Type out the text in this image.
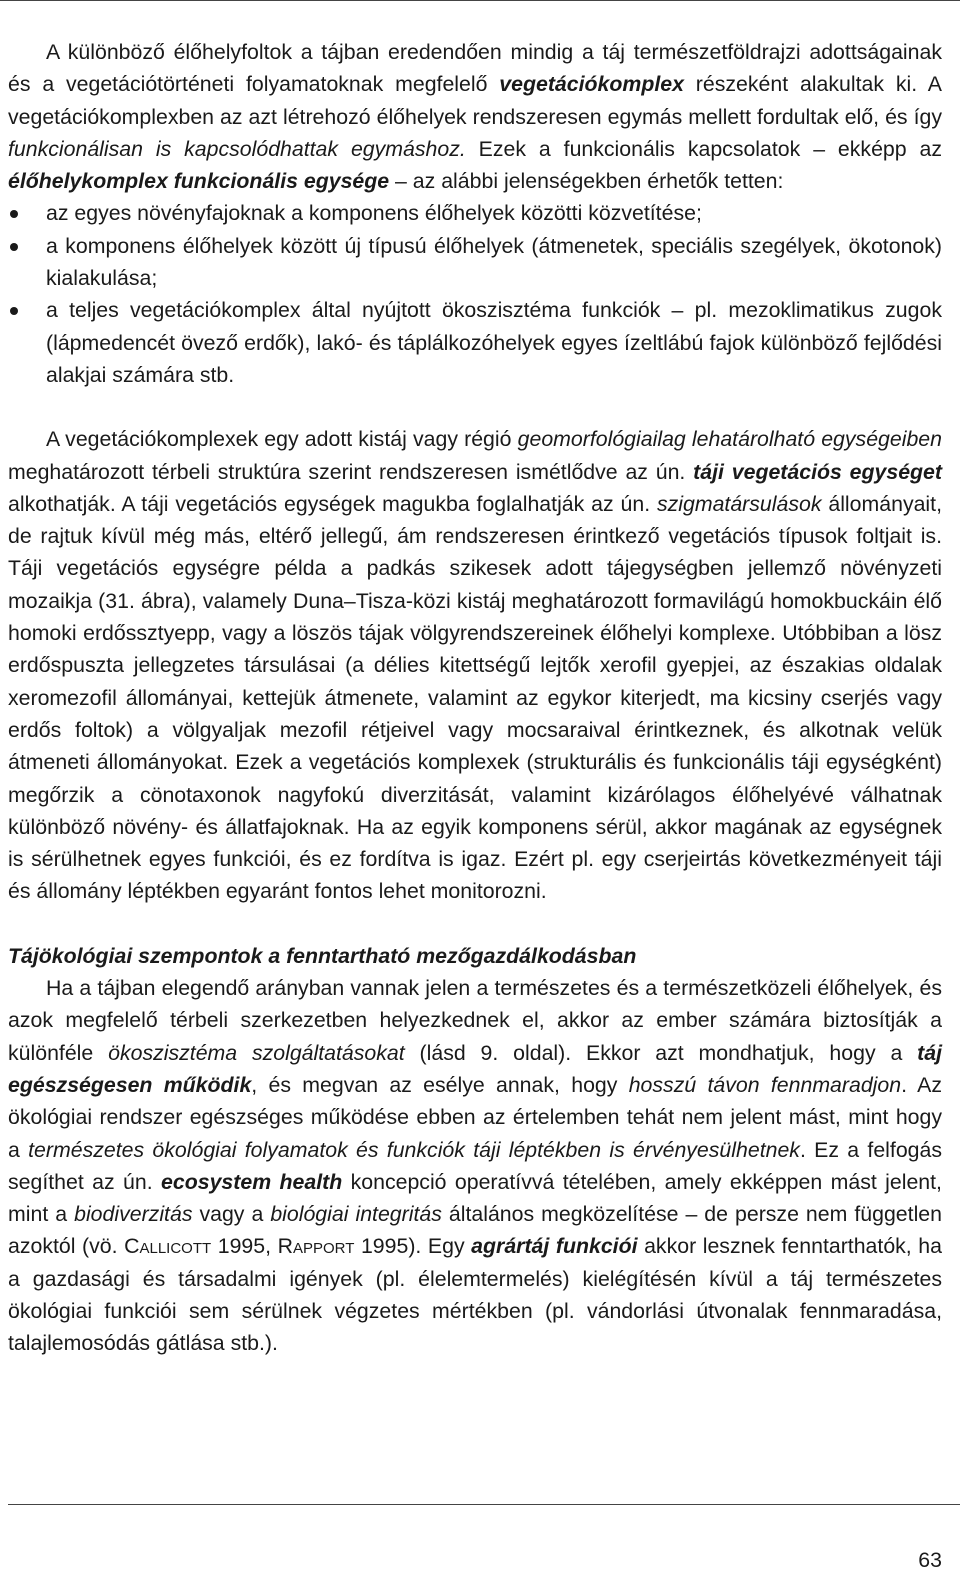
A különböző élőhelyfoltok a tájban eredendően mindig a táj természetföldrajzi adottságainak és a vegetációtörténeti folyamatoknak megfelelő vegetációkomplex részeként alakultak ki. A vegetációkomplexben az azt létrehozó élőhelyek rendszeresen egymás mellett fordultak elő, és így funkcionálisan is kapcsolódhattak egymáshoz. Ezek a funkcionális kapcsolatok – ekképp az élőhelykomplex funkcionális egysége – az alábbi jelenségekben érhetők tetten:

az egyes növényfajoknak a komponens élőhelyek közötti közvetítése;
a komponens élőhelyek között új típusú élőhelyek (átmenetek, speciális szegélyek, ökotonok) kialakulása;
a teljes vegetációkomplex által nyújtott ökoszisztéma funkciók – pl. mezoklimatikus zugok (lápmedencét övező erdők), lakó- és táplálkozóhelyek egyes ízeltlábú fajok különböző fejlődési alakjai számára stb.

A vegetációkomplexek egy adott kistáj vagy régió geomorfológiailag lehatárolható egységeiben meghatározott térbeli struktúra szerint rendszeresen ismétlődve az ún. táji vegetációs egységet alkothatják. A táji vegetációs egységek magukba foglalhatják az ún. szigmatársulások állományait, de rajtuk kívül még más, eltérő jellegű, ám rendszeresen érintkező vegetációs típusok foltjait is. Táji vegetációs egységre példa a padkás szikesek adott tájegységben jellemző növényzeti mozaikja (31. ábra), valamely Duna–Tisza-közi kistáj meghatározott formavilágú homokbuckáin élő homoki erdőssztyepp, vagy a löszös tájak völgyrendszereinek élőhelyi komplexe. Utóbbiban a lösz erdőspuszta jellegzetes társulásai (a délies kitettségű lejtők xerofil gyepjei, az északias oldalak xeromezofil állományai, kettejük átmenete, valamint az egykor kiterjedt, ma kicsiny cserjés vagy erdős foltok) a völgyaljak mezofil rétjeivel vagy mocsaraival érintkeznek, és alkotnak velük átmeneti állományokat. Ezek a vegetációs komplexek (strukturális és funkcionális táji egységként) megőrzik a cönotaxonok nagyfokú diverzitását, valamint kizárólagos élőhelyévé válhatnak különböző növény- és állatfajoknak. Ha az egyik komponens sérül, akkor magának az egységnek is sérülhetnek egyes funkciói, és ez fordítva is igaz. Ezért pl. egy cserjeirtás következményeit táji és állomány léptékben egyaránt fontos lehet monitorozni.

Tájökológiai szempontok a fenntartható mezőgazdálkodásban

Ha a tájban elegendő arányban vannak jelen a természetes és a természetközeli élőhelyek, és azok megfelelő térbeli szerkezetben helyezkednek el, akkor az ember számára biztosítják a különféle ökoszisztéma szolgáltatásokat (lásd 9. oldal). Ekkor azt mondhatjuk, hogy a táj egészségesen működik, és megvan az esélye annak, hogy hosszú távon fennmaradjon. Az ökológiai rendszer egészséges működése ebben az értelemben tehát nem jelent mást, mint hogy a természetes ökológiai folyamatok és funkciók táji léptékben is érvényesülhetnek. Ez a felfogás segíthet az ún. ecosystem health koncepció operatívvá tételében, amely ekképpen mást jelent, mint a biodiverzitás vagy a biológiai integritás általános megközelítése – de persze nem független azoktól (vö. Callicott 1995, Rapport 1995). Egy agrártáj funkciói akkor lesznek fenntarthatók, ha a gazdasági és társadalmi igények (pl. élelemtermelés) kielégítésén kívül a táj természetes ökológiai funkciói sem sérülnek végzetes mértékben (pl. vándorlási útvonalak fennmaradása, talajlemosódás gátlása stb.).

63
